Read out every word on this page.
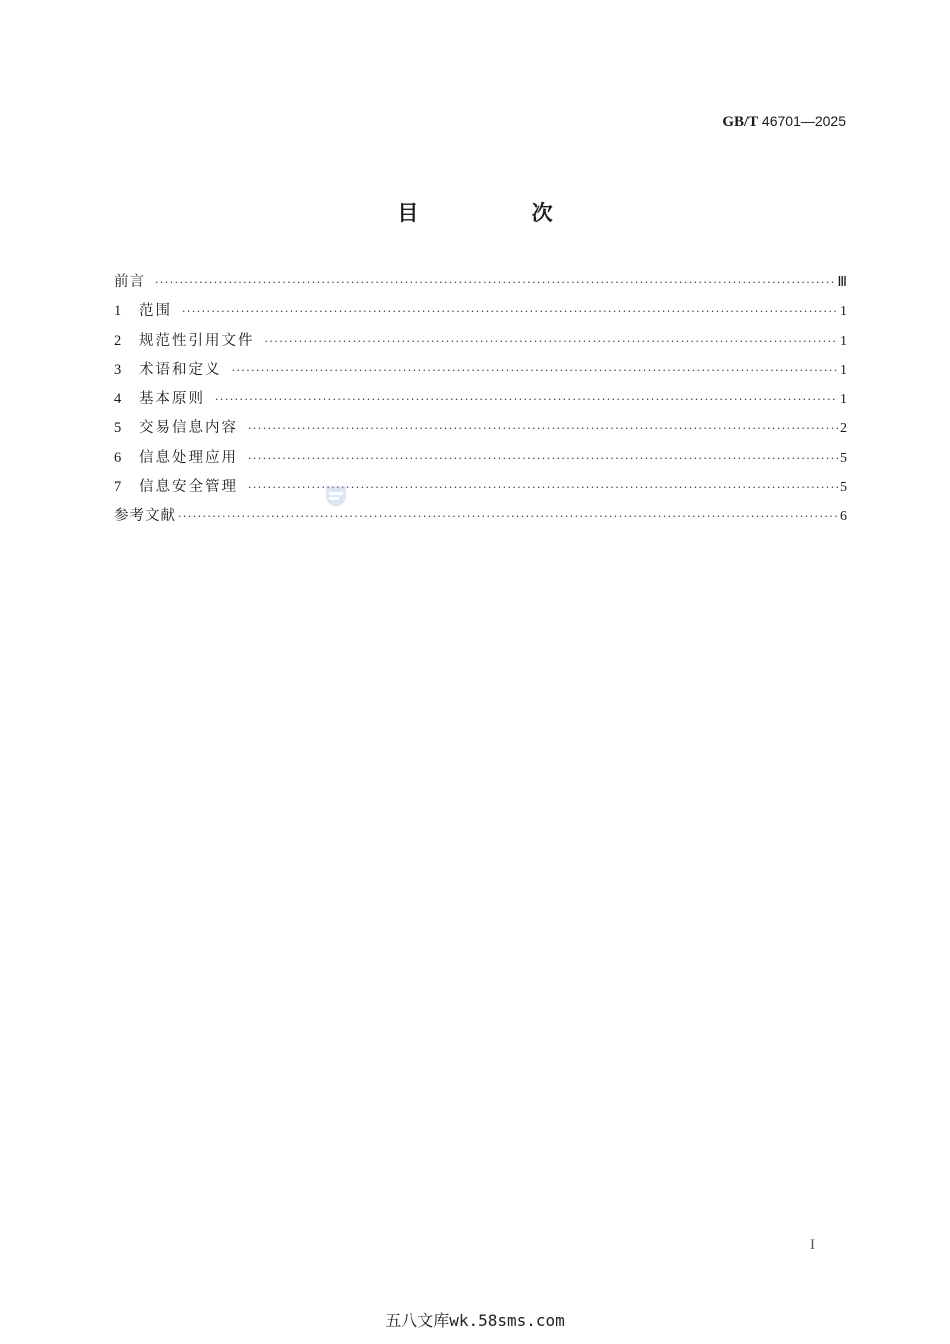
GB/T 46701—2025
目 次
前言 ·····	Ⅲ
1	范围 ·····	1
2	规范性引用文件 ·····	1
3	术语和定义 ·····	1
4	基本原则 ·····	1
5	交易信息内容 ·····	2
6	信息处理应用 ·····	5
7	信息安全管理 ·····	5
参考文献 ·····	6
I
五八文库wk.58sms.com
